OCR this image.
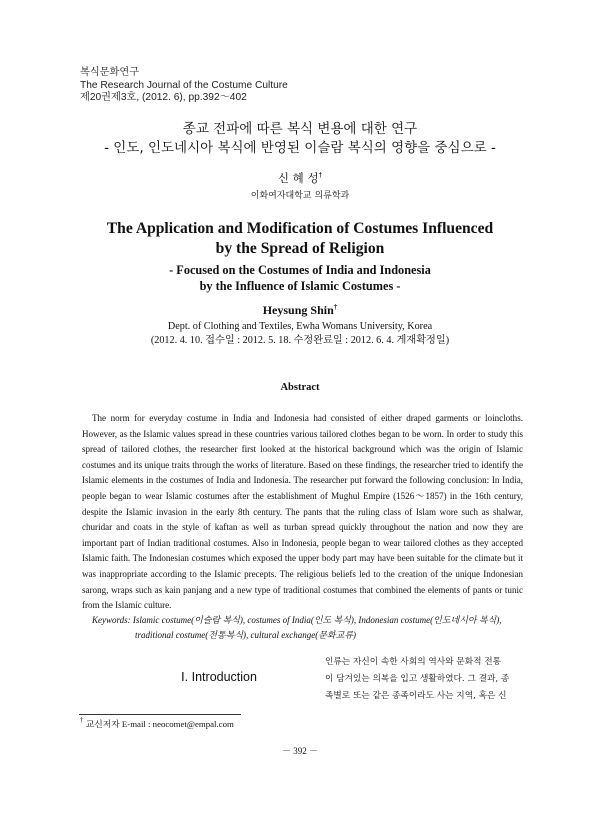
복식문화연구
The Research Journal of the Costume Culture
제20권제3호, (2012. 6), pp.392～402
종교 전파에 따른 복식 변용에 대한 연구
- 인도, 인도네시아 복식에 반영된 이슬람 복식의 영향을 중심으로 -
신 혜 성†
이화여자대학교 의류학과
The Application and Modification of Costumes Influenced
by the Spread of Religion
- Focused on the Costumes of India and Indonesia
by the Influence of Islamic Costumes -
Heysung Shin†
Dept. of Clothing and Textiles, Ewha Womans University, Korea
(2012. 4. 10. 접수일 : 2012. 5. 18. 수정완료일 : 2012. 6. 4. 게재확정일)
Abstract

The norm for everyday costume in India and Indonesia had consisted of either draped garments or loincloths. However, as the Islamic values spread in these countries various tailored clothes began to be worn. In order to study this spread of tailored clothes, the researcher first looked at the historical background which was the origin of Islamic costumes and its unique traits through the works of literature. Based on these findings, the researcher tried to identify the Islamic elements in the costumes of India and Indonesia. The researcher put forward the following conclusion: In India, people began to wear Islamic costumes after the establishment of Mughul Empire (1526～1857) in the 16th century, despite the Islamic invasion in the early 8th century. The pants that the ruling class of Islam wore such as shalwar, churidar and coats in the style of kaftan as well as turban spread quickly throughout the nation and now they are important part of Indian traditional costumes. Also in Indonesia, people began to wear tailored clothes as they accepted Islamic faith. The Indonesian costumes which exposed the upper body part may have been suitable for the climate but it was inappropriate according to the Islamic precepts. The religious beliefs led to the creation of the unique Indonesian sarong, wraps such as kain panjang and a new type of traditional costumes that combined the elements of pants or tunic from the Islamic culture.

Keywords: Islamic costume(이슬람 복식), costumes of India(인도 복식), Indonesian costume(인도네시아 복식),
traditional costume(전통복식), cultural exchange(문화교류)
Ⅰ. Introduction
인류는 자신이 속한 사회의 역사와 문화적 전통
이 담겨있는 의복을 입고 생활하였다. 그 결과, 종
족별로 또는 같은 종족이라도 사는 지역, 혹은 신
† 교신저자 E-mail : neocomet@empal.com
－ 392 －
